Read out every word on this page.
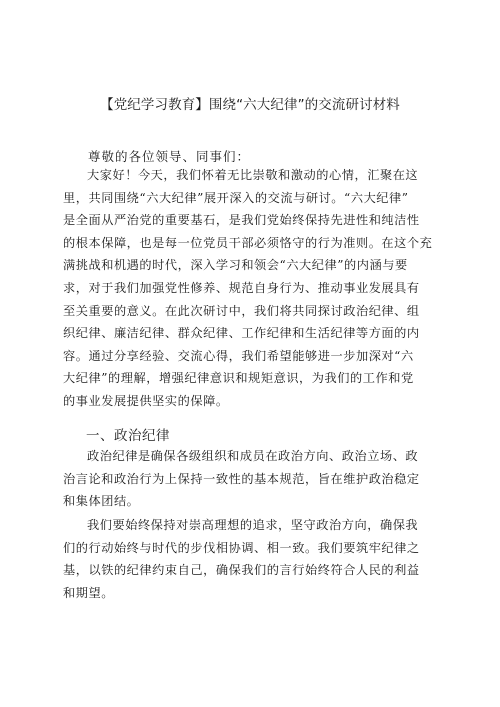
【党纪学习教育】围绕“六大纪律”的交流研讨材料
尊敬的各位领导、同事们：
大家好！今天，我们怀着无比崇敬和激动的心情，汇聚在这
里，共同围绕“六大纪律”展开深入的交流与研讨。“六大纪律”
是全面从严治党的重要基石，是我们党始终保持先进性和纯洁性
的根本保障，也是每一位党员干部必须恪守的行为准则。在这个充
满挑战和机遇的时代，深入学习和领会“六大纪律”的内涵与要
求，对于我们加强党性修养、规范自身行为、推动事业发展具有
至关重要的意义。在此次研讨中，我们将共同探讨政治纪律、组
织纪律、廉洁纪律、群众纪律、工作纪律和生活纪律等方面的内
容。通过分享经验、交流心得，我们希望能够进一步加深对“六
大纪律”的理解，增强纪律意识和规矩意识，为我们的工作和党
的事业发展提供坚实的保障。
一、政治纪律
政治纪律是确保各级组织和成员在政治方向、政治立场、政
治言论和政治行为上保持一致性的基本规范，旨在维护政治稳定
和集体团结。
我们要始终保持对崇高理想的追求，坚守政治方向，确保我
们的行动始终与时代的步伐相协调、相一致。我们要筑牢纪律之
基，以铁的纪律约束自己，确保我们的言行始终符合人民的利益
和期望。
